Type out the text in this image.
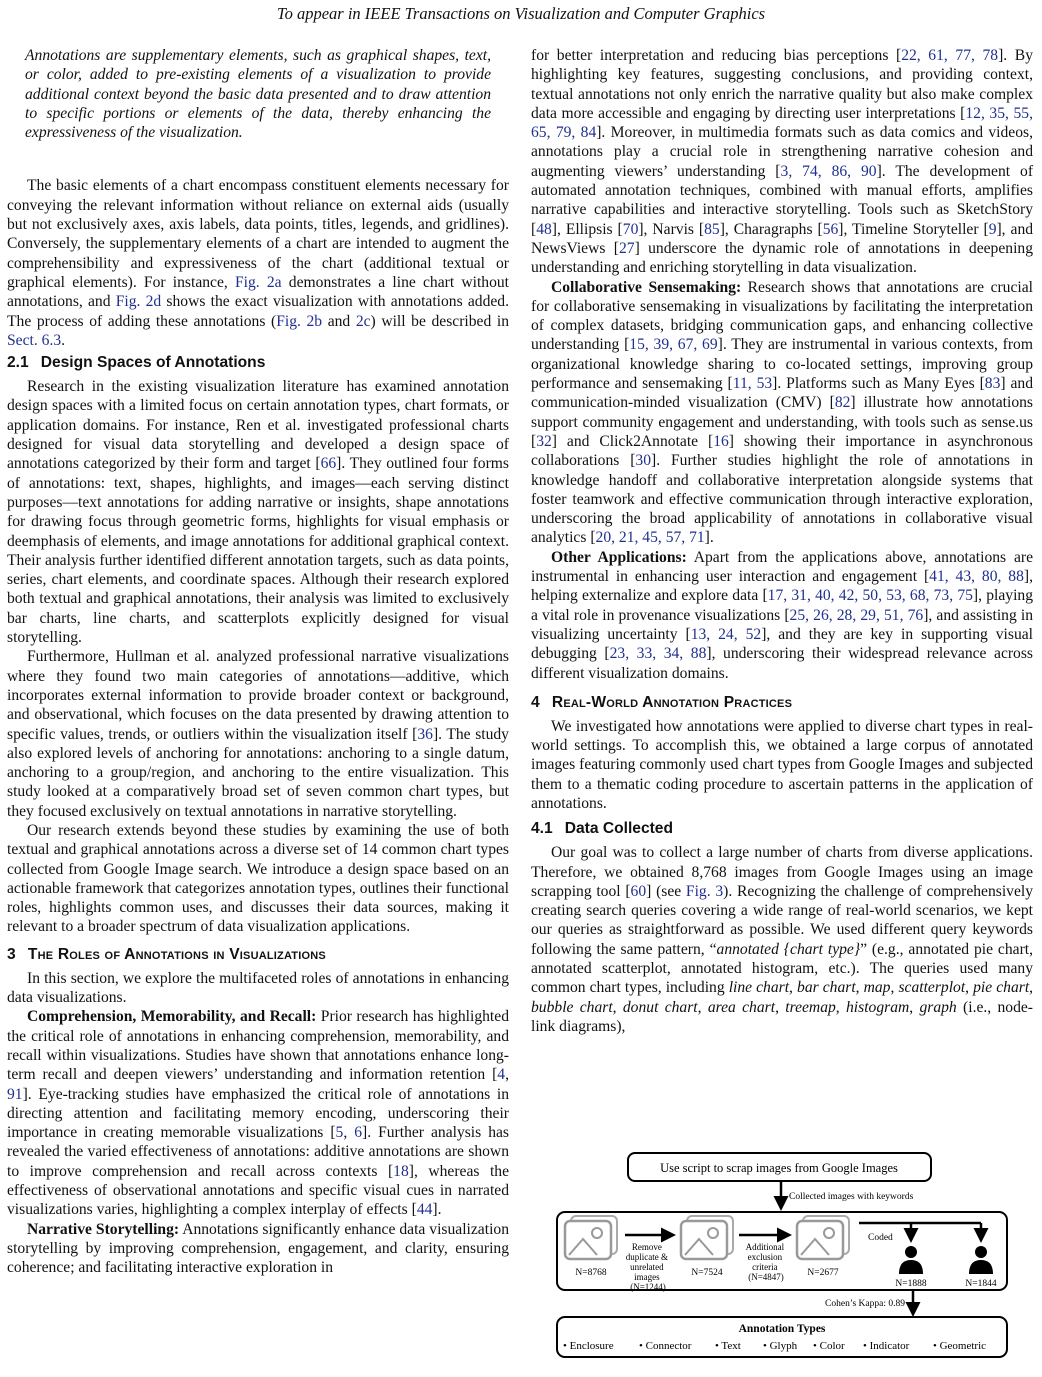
To appear in IEEE Transactions on Visualization and Computer Graphics

Annotations are supplementary elements, such as graphical shapes, text, or color, added to pre-existing elements of a visualization to provide additional context beyond the basic data presented and to draw attention to specific portions or elements of the data, thereby enhancing the expressiveness of the visualization.

The basic elements of a chart encompass constituent elements necessary for conveying the relevant information without reliance on external aids (usually but not exclusively axes, axis labels, data points, titles, legends, and gridlines). Conversely, the supplementary elements of a chart are intended to augment the comprehensibility and expressiveness of the chart (additional textual or graphical elements). For instance, Fig. 2a demonstrates a line chart without annotations, and Fig. 2d shows the exact visualization with annotations added. The process of adding these annotations (Fig. 2b and 2c) will be described in Sect. 6.3.

2.1 Design Spaces of Annotations

Research in the existing visualization literature has examined annotation design spaces with a limited focus on certain annotation types, chart formats, or application domains. For instance, Ren et al. investigated professional charts designed for visual data storytelling and developed a design space of annotations categorized by their form and target [66]. They outlined four forms of annotations: text, shapes, highlights, and images—each serving distinct purposes—text annotations for adding narrative or insights, shape annotations for drawing focus through geometric forms, highlights for visual emphasis or deemphasis of elements, and image annotations for additional graphical context. Their analysis further identified different annotation targets, such as data points, series, chart elements, and coordinate spaces. Although their research explored both textual and graphical annotations, their analysis was limited to exclusively bar charts, line charts, and scatterplots explicitly designed for visual storytelling.

Furthermore, Hullman et al. analyzed professional narrative visualizations where they found two main categories of annotations—additive, which incorporates external information to provide broader context or background, and observational, which focuses on the data presented by drawing attention to specific values, trends, or outliers within the visualization itself [36]. The study also explored levels of anchoring for annotations: anchoring to a single datum, anchoring to a group/region, and anchoring to the entire visualization. This study looked at a comparatively broad set of seven common chart types, but they focused exclusively on textual annotations in narrative storytelling.

Our research extends beyond these studies by examining the use of both textual and graphical annotations across a diverse set of 14 common chart types collected from Google Image search. We introduce a design space based on an actionable framework that categorizes annotation types, outlines their functional roles, highlights common uses, and discusses their data sources, making it relevant to a broader spectrum of data visualization applications.

3 The Roles of Annotations in Visualizations

In this section, we explore the multifaceted roles of annotations in enhancing data visualizations.

Comprehension, Memorability, and Recall: Prior research has highlighted the critical role of annotations in enhancing comprehension, memorability, and recall within visualizations. Studies have shown that annotations enhance long-term recall and deepen viewers’ understanding and information retention [4, 91]. Eye-tracking studies have emphasized the critical role of annotations in directing attention and facilitating memory encoding, underscoring their importance in creating memorable visualizations [5, 6]. Further analysis has revealed the varied effectiveness of annotations: additive annotations are shown to improve comprehension and recall across contexts [18], whereas the effectiveness of observational annotations and specific visual cues in narrated visualizations varies, highlighting a complex interplay of effects [44].

Narrative Storytelling: Annotations significantly enhance data visualization storytelling by improving comprehension, engagement, and clarity, ensuring coherence; and facilitating interactive exploration in

for better interpretation and reducing bias perceptions [22, 61, 77, 78]. By highlighting key features, suggesting conclusions, and providing context, textual annotations not only enrich the narrative quality but also make complex data more accessible and engaging by directing user interpretations [12, 35, 55, 65, 79, 84]. Moreover, in multimedia formats such as data comics and videos, annotations play a crucial role in strengthening narrative cohesion and augmenting viewers’ understanding [3, 74, 86, 90]. The development of automated annotation techniques, combined with manual efforts, amplifies narrative capabilities and interactive storytelling. Tools such as SketchStory [48], Ellipsis [70], Narvis [85], Charagraphs [56], Timeline Storyteller [9], and NewsViews [27] underscore the dynamic role of annotations in deepening understanding and enriching storytelling in data visualization.

Collaborative Sensemaking: Research shows that annotations are crucial for collaborative sensemaking in visualizations by facilitating the interpretation of complex datasets, bridging communication gaps, and enhancing collective understanding [15, 39, 67, 69]. They are instrumental in various contexts, from organizational knowledge sharing to co-located settings, improving group performance and sensemaking [11, 53]. Platforms such as Many Eyes [83] and communication-minded visualization (CMV) [82] illustrate how annotations support community engagement and understanding, with tools such as sense.us [32] and Click2Annotate [16] showing their importance in asynchronous collaborations [30]. Further studies highlight the role of annotations in knowledge handoff and collaborative interpretation alongside systems that foster teamwork and effective communication through interactive exploration, underscoring the broad applicability of annotations in collaborative visual analytics [20, 21, 45, 57, 71].

Other Applications: Apart from the applications above, annotations are instrumental in enhancing user interaction and engagement [41, 43, 80, 88], helping externalize and explore data [17, 31, 40, 42, 50, 53, 68, 73, 75], playing a vital role in provenance visualizations [25, 26, 28, 29, 51, 76], and assisting in visualizing uncertainty [13, 24, 52], and they are key in supporting visual debugging [23, 33, 34, 88], underscoring their widespread relevance across different visualization domains.

4 Real-World Annotation Practices

We investigated how annotations were applied to diverse chart types in real-world settings. To accomplish this, we obtained a large corpus of annotated images featuring commonly used chart types from Google Images and subjected them to a thematic coding procedure to ascertain patterns in the application of annotations.

4.1 Data Collected

Our goal was to collect a large number of charts from diverse applications. Therefore, we obtained 8,768 images from Google Images using an image scrapping tool [60] (see Fig. 3). Recognizing the challenge of comprehensively creating search queries covering a wide range of real-world scenarios, we kept our queries as straightforward as possible. We used different query keywords following the same pattern, “annotated {chart type}” (e.g., annotated pie chart, annotated scatterplot, annotated histogram, etc.). The queries used many common chart types, including line chart, bar chart, map, scatterplot, pie chart, bubble chart, donut chart, area chart, treemap, histogram, graph (i.e., node-link diagrams),

Use script to scrap images from Google Images
Collected images with keywords
N=8768
Remove duplicate & unrelated images (N=1244)
N=7524
Additional exclusion criteria (N=4847) N=2677
Coded
N=1888	N=1844
Cohen’s Kappa: 0.89
Annotation Types
• Enclosure • Connector • Text • Glyph • Color • Indicator • Geometric
